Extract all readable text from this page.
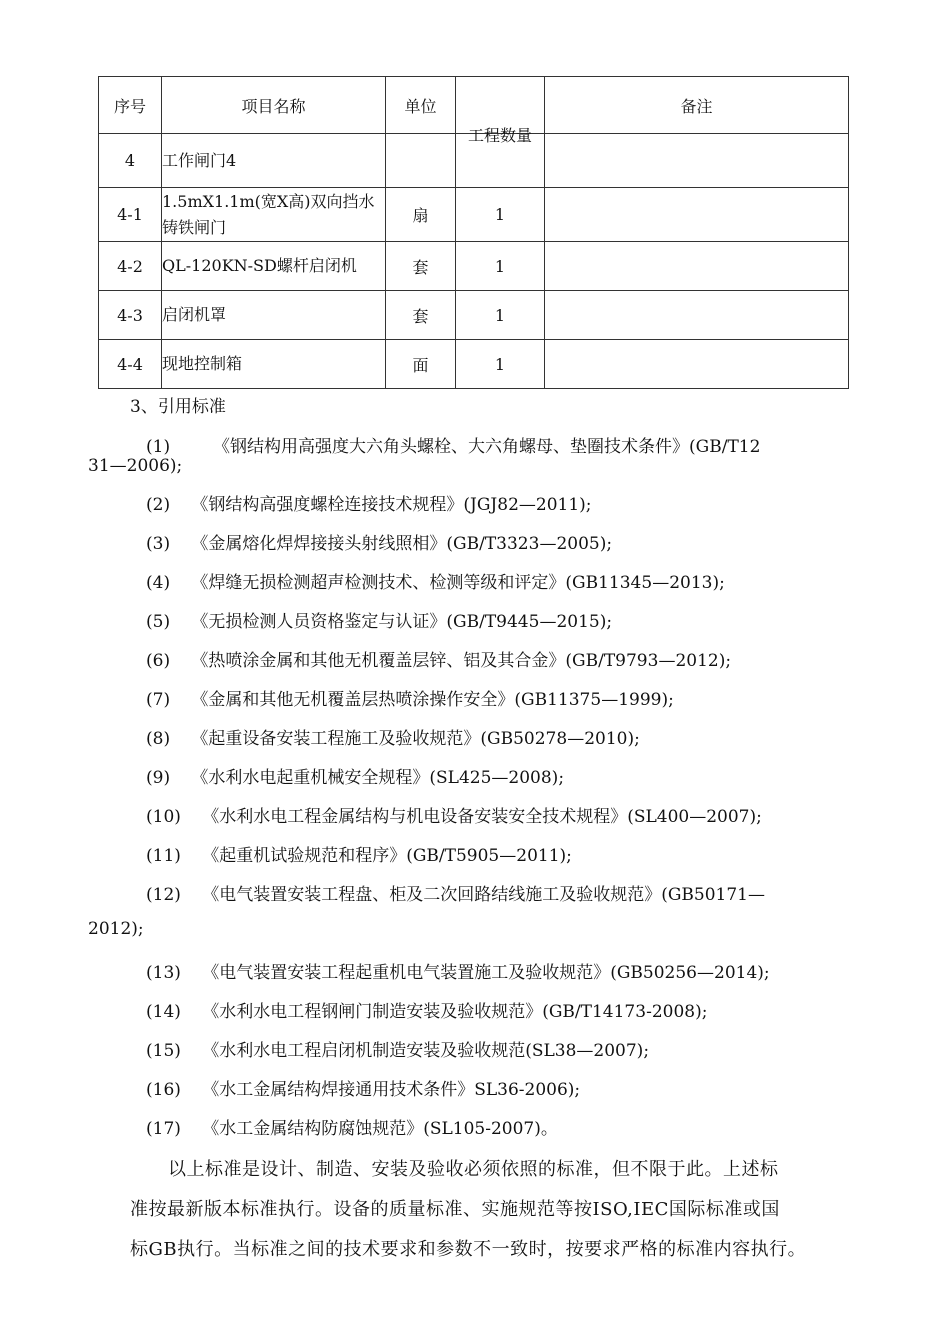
序号	项目名称	单位	工程数量	备注
4	工作闸门4			
4-1	1.5mX1.1m(宽X高)双向挡水铸铁闸门	扇	1	
4-2	QL-120KN-SD螺杆启闭机	套	1	
4-3	启闭机罩	套	1	
4-4	现地控制箱	面	1	
3、引用标准
(1)	《钢结构用高强度大六角头螺栓、大六角螺母、垫圈技术条件》(GB/T12
31—2006);
(2) 《钢结构高强度螺栓连接技术规程》(JGJ82—2011);
(3) 《金属熔化焊焊接接头射线照相》(GB/T3323—2005);
(4) 《焊缝无损检测超声检测技术、检测等级和评定》(GB11345—2013);
(5) 《无损检测人员资格鉴定与认证》(GB/T9445—2015);
(6) 《热喷涂金属和其他无机覆盖层锌、铝及其合金》(GB/T9793—2012);
(7) 《金属和其他无机覆盖层热喷涂操作安全》(GB11375—1999);
(8) 《起重设备安装工程施工及验收规范》(GB50278—2010);
(9) 《水利水电起重机械安全规程》(SL425—2008);
(10) 《水利水电工程金属结构与机电设备安装安全技术规程》(SL400—2007);
(11) 《起重机试验规范和程序》(GB/T5905—2011);
(12) 《电气装置安装工程盘、柜及二次回路结线施工及验收规范》(GB50171—
2012);
(13) 《电气装置安装工程起重机电气装置施工及验收规范》(GB50256—2014);
(14) 《水利水电工程钢闸门制造安装及验收规范》(GB/T14173-2008);
(15) 《水利水电工程启闭机制造安装及验收规范(SL38—2007);
(16) 《水工金属结构焊接通用技术条件》SL36-2006);
(17) 《水工金属结构防腐蚀规范》(SL105-2007)。
以上标准是设计、制造、安装及验收必须依照的标准，但不限于此。上述标
准按最新版本标准执行。设备的质量标准、实施规范等按ISO,IEC国际标准或国
标GB执行。当标准之间的技术要求和参数不一致时，按要求严格的标准内容执行。
